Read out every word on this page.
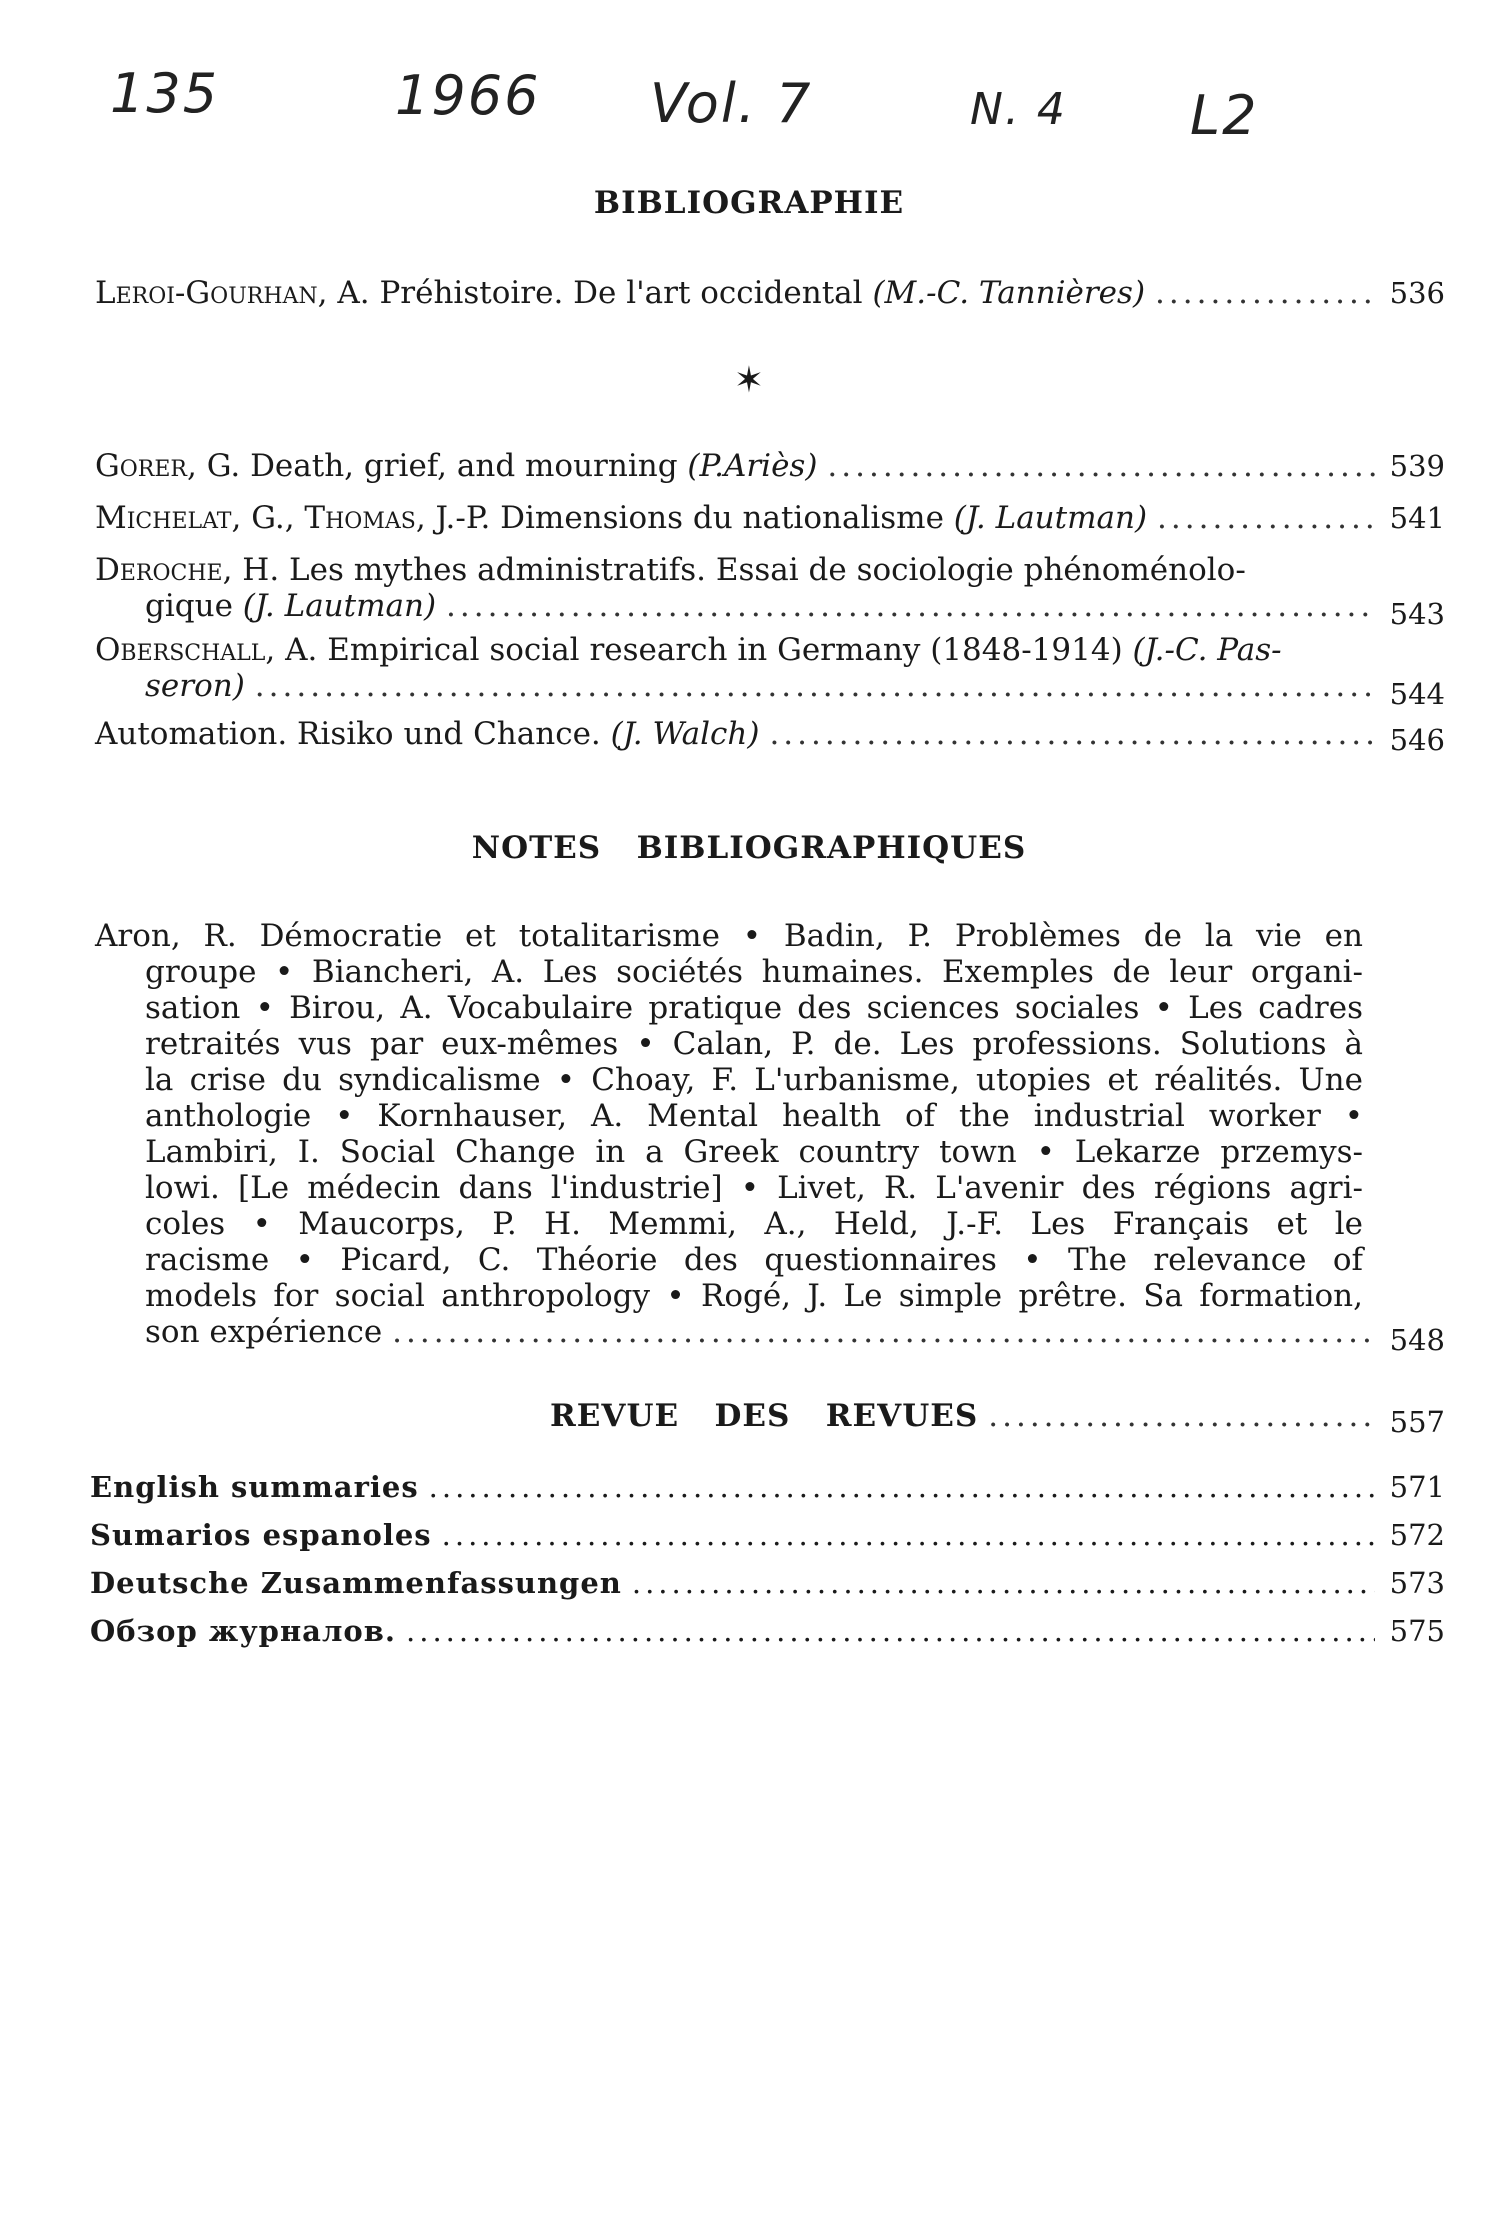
135	1966 Vol. 7	N. 4 L2
BIBLIOGRAPHIE
Leroi-Gourhan, A. Préhistoire. De l'art occidental (M.-C. Tannières) .....	536
✶
Gorer, G. Death, grief, and mourning (P.Ariès) .....	539
Michelat, G., Thomas, J.-P. Dimensions du nationalisme (J. Lautman) .....	541
Deroche, H. Les mythes administratifs. Essai de sociologie phénoménolo-
gique (J. Lautman) .....	543
Oberschall, A. Empirical social research in Germany (1848-1914) (J.-C. Pas-
seron) .....	544
Automation. Risiko und Chance. (J. Walch) .....	546
NOTES   BIBLIOGRAPHIQUES
Aron, R. Démocratie et totalitarisme • Badin, P. Problèmes de la vie en
groupe • Biancheri, A. Les sociétés humaines. Exemples de leur organi-
sation • Birou, A. Vocabulaire pratique des sciences sociales • Les cadres
retraités vus par eux-mêmes • Calan, P. de. Les professions. Solutions à
la crise du syndicalisme • Choay, F. L'urbanisme, utopies et réalités. Une
anthologie • Kornhauser, A. Mental health of the industrial worker •
Lambiri, I. Social Change in a Greek country town • Lekarze przemys-
lowi. [Le médecin dans l'industrie] • Livet, R. L'avenir des régions agri-
coles • Maucorps, P. H. Memmi, A., Held, J.-F. Les Français et le
racisme • Picard, C. Théorie des questionnaires • The relevance of
models for social anthropology • Rogé, J. Le simple prêtre. Sa formation,
son expérience .....	548
REVUE   DES   REVUES .....	557
English summaries .....	571
Sumarios espanoles .....	572
Deutsche Zusammenfassungen .....	573
Обзор журналов. .....	575
